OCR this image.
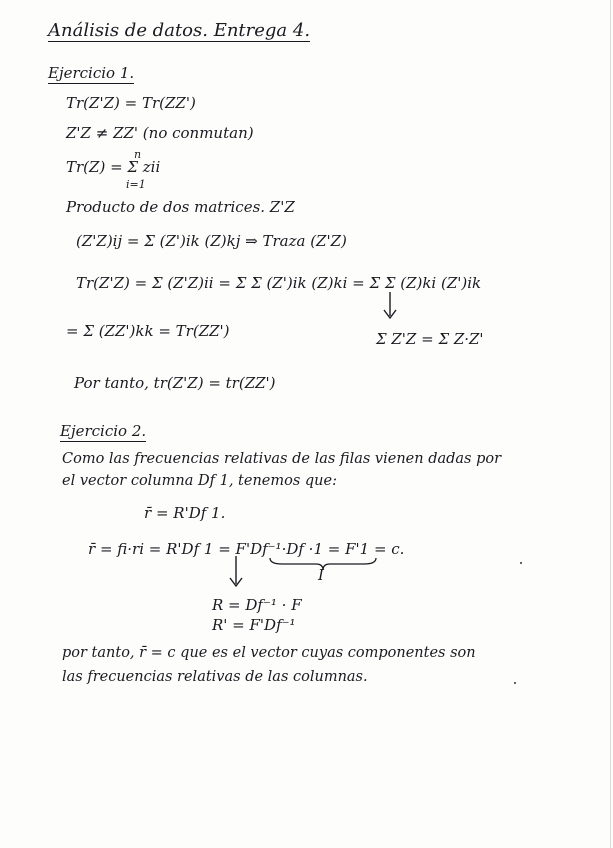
Análisis de datos. Entrega 4.
Ejercicio 1.
Tr(Z'Z) = Tr(ZZ')
Z'Z ≠ ZZ' (no conmutan)
Tr(Z) = Σ zii
n
i=1
Producto de dos matrices. Z'Z
(Z'Z)ij = Σ (Z')ik (Z)kj ⇒ Traza (Z'Z)
Tr(Z'Z) = Σ (Z'Z)ii = Σ Σ (Z')ik (Z)ki = Σ Σ (Z)ki (Z')ik
= Σ (ZZ')kk = Tr(ZZ')	Σ Z'Z = Σ Z·Z'
Por tanto, tr(Z'Z) = tr(ZZ')
Ejercicio 2.
Como las frecuencias relativas de las filas vienen dadas por
el vector columna Df 1, tenemos que:
r̄ = R'Df 1.
r̄ = fi·ri = R'Df 1 = F'Df⁻¹·Df ·1 = F'1 = c.
I
R = Df⁻¹ · F
R' = F'Df⁻¹
por tanto, r̄ = c que es el vector cuyas componentes son
las frecuencias relativas de las columnas.
